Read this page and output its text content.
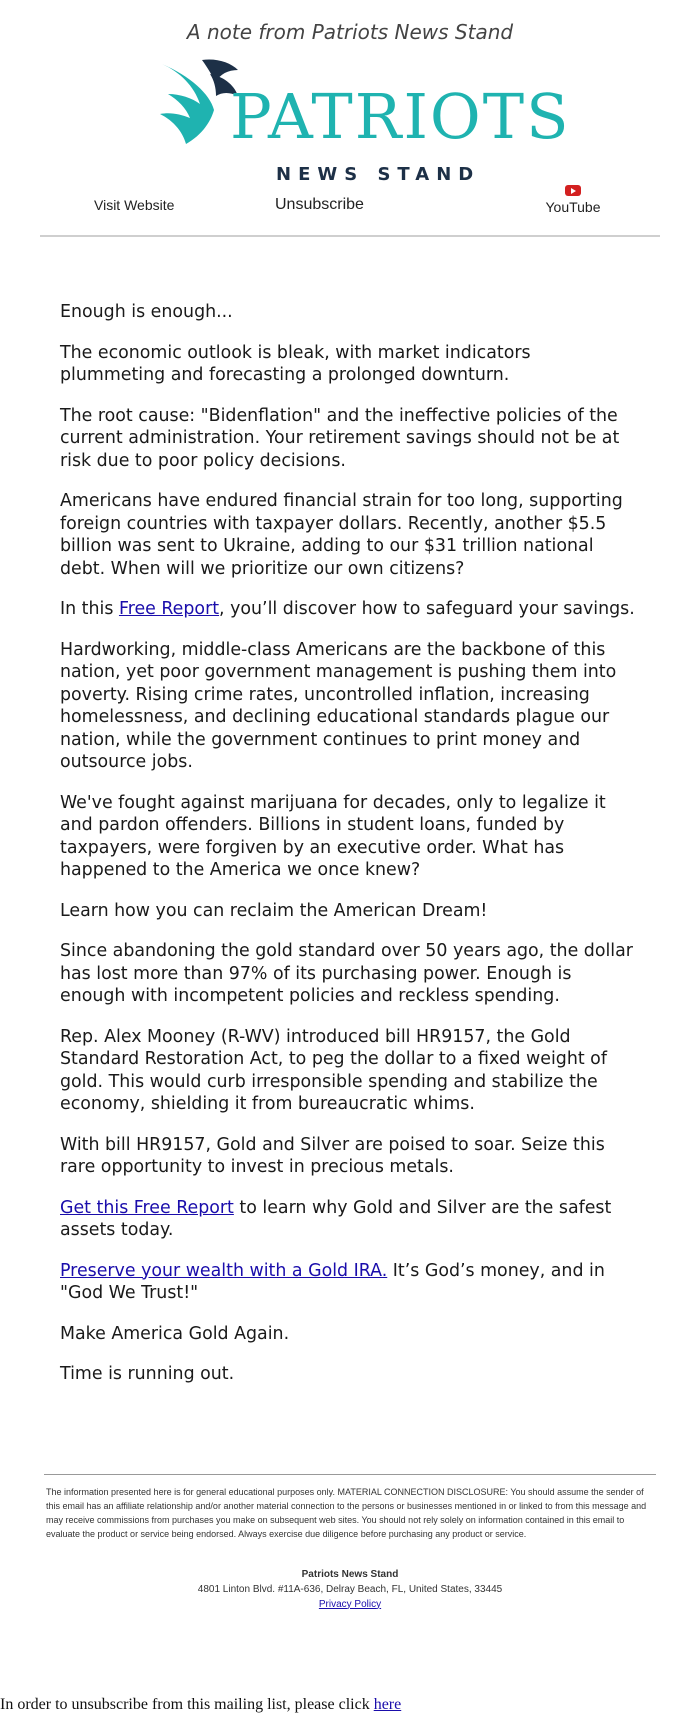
A note from Patriots News Stand
PATRIOTS
NEWS STAND
Visit Website	Unsubscribe	YouTube

Enough is enough...

The economic outlook is bleak, with market indicators plummeting and forecasting a prolonged downturn.

The root cause: "Bidenflation" and the ineffective policies of the current administration. Your retirement savings should not be at risk due to poor policy decisions.

Americans have endured financial strain for too long, supporting foreign countries with taxpayer dollars. Recently, another $5.5 billion was sent to Ukraine, adding to our $31 trillion national debt. When will we prioritize our own citizens?

In this Free Report, you’ll discover how to safeguard your savings.

Hardworking, middle-class Americans are the backbone of this nation, yet poor government management is pushing them into poverty. Rising crime rates, uncontrolled inflation, increasing homelessness, and declining educational standards plague our nation, while the government continues to print money and outsource jobs.

We've fought against marijuana for decades, only to legalize it and pardon offenders. Billions in student loans, funded by taxpayers, were forgiven by an executive order. What has happened to the America we once knew?

Learn how you can reclaim the American Dream!

Since abandoning the gold standard over 50 years ago, the dollar has lost more than 97% of its purchasing power. Enough is enough with incompetent policies and reckless spending.

Rep. Alex Mooney (R-WV) introduced bill HR9157, the Gold Standard Restoration Act, to peg the dollar to a fixed weight of gold. This would curb irresponsible spending and stabilize the economy, shielding it from bureaucratic whims.

With bill HR9157, Gold and Silver are poised to soar. Seize this rare opportunity to invest in precious metals.

Get this Free Report to learn why Gold and Silver are the safest assets today.

Preserve your wealth with a Gold IRA. It’s God’s money, and in "God We Trust!"

Make America Gold Again.

Time is running out.

The information presented here is for general educational purposes only. MATERIAL CONNECTION DISCLOSURE: You should assume the sender of this email has an affiliate relationship and/or another material connection to the persons or businesses mentioned in or linked to from this message and may receive commissions from purchases you make on subsequent web sites. You should not rely solely on information contained in this email to evaluate the product or service being endorsed. Always exercise due diligence before purchasing any product or service.
Patriots News Stand
4801 Linton Blvd. #11A-636, Delray Beach, FL, United States, 33445
Privacy Policy
In order to unsubscribe from this mailing list, please click here
